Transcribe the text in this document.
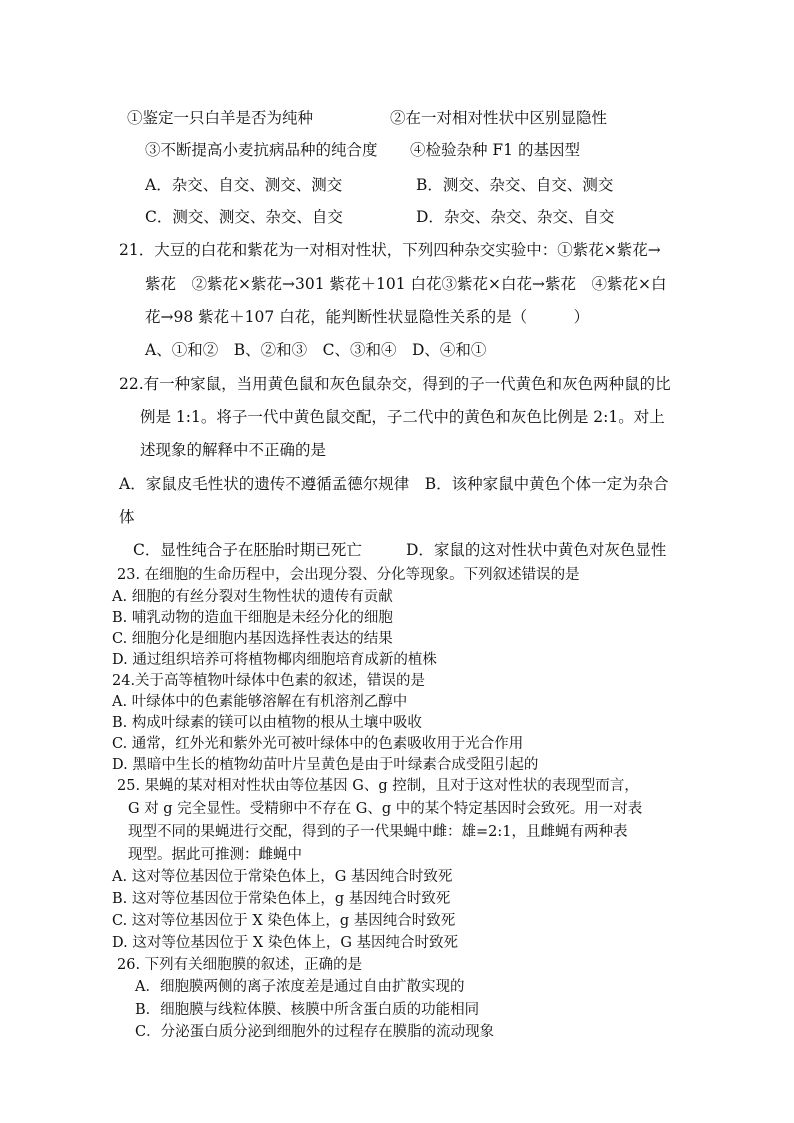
①鉴定一只白羊是否为纯种	②在一对相对性状中区别显隐性
③不断提高小麦抗病品种的纯合度 ④检验杂种 F1 的基因型
A．杂交、自交、测交、测交	B．测交、杂交、自交、测交
C．测交、测交、杂交、自交	D．杂交、杂交、杂交、自交
21．大豆的白花和紫花为一对相对性状，下列四种杂交实验中：①紫花×紫花→
紫花　②紫花×紫花→301 紫花＋101 白花③紫花×白花→紫花　④紫花×白
花→98 紫花＋107 白花，能判断性状显隐性关系的是（　　　）
A、①和②　B、②和③　C、③和④　D、④和①
22.有一种家鼠，当用黄色鼠和灰色鼠杂交，得到的子一代黄色和灰色两种鼠的比
例是 1:1。将子一代中黄色鼠交配，子二代中的黄色和灰色比例是 2:1。对上
述现象的解释中不正确的是
A．家鼠皮毛性状的遗传不遵循孟德尔规律　B．该种家鼠中黄色个体一定为杂合
体
C．显性纯合子在胚胎时期已死亡	D．家鼠的这对性状中黄色对灰色显性
23. 在细胞的生命历程中，会出现分裂、分化等现象。下列叙述错误的是
A. 细胞的有丝分裂对生物性状的遗传有贡献
B. 哺乳动物的造血干细胞是未经分化的细胞
C. 细胞分化是细胞内基因选择性表达的结果
D. 通过组织培养可将植物椰肉细胞培育成新的植株
24.关于高等植物叶绿体中色素的叙述，错误的是
A. 叶绿体中的色素能够溶解在有机溶剂乙醇中
B. 构成叶绿素的镁可以由植物的根从土壤中吸收
C. 通常，红外光和紫外光可被叶绿体中的色素吸收用于光合作用
D. 黑暗中生长的植物幼苗叶片呈黄色是由于叶绿素合成受阻引起的
25. 果蝇的某对相对性状由等位基因 G、g 控制，且对于这对性状的表现型而言，
G 对 g 完全显性。受精卵中不存在 G、g 中的某个特定基因时会致死。用一对表
现型不同的果蝇进行交配，得到的子一代果蝇中雌：雄=2:1，且雌蝇有两种表
现型。据此可推测：雌蝇中
A. 这对等位基因位于常染色体上，G 基因纯合时致死
B. 这对等位基因位于常染色体上，g 基因纯合时致死
C. 这对等位基因位于 X 染色体上，g 基因纯合时致死
D. 这对等位基因位于 X 染色体上，G 基因纯合时致死
26. 下列有关细胞膜的叙述，正确的是
A．细胞膜两侧的离子浓度差是通过自由扩散实现的
B．细胞膜与线粒体膜、核膜中所含蛋白质的功能相同
C．分泌蛋白质分泌到细胞外的过程存在膜脂的流动现象
